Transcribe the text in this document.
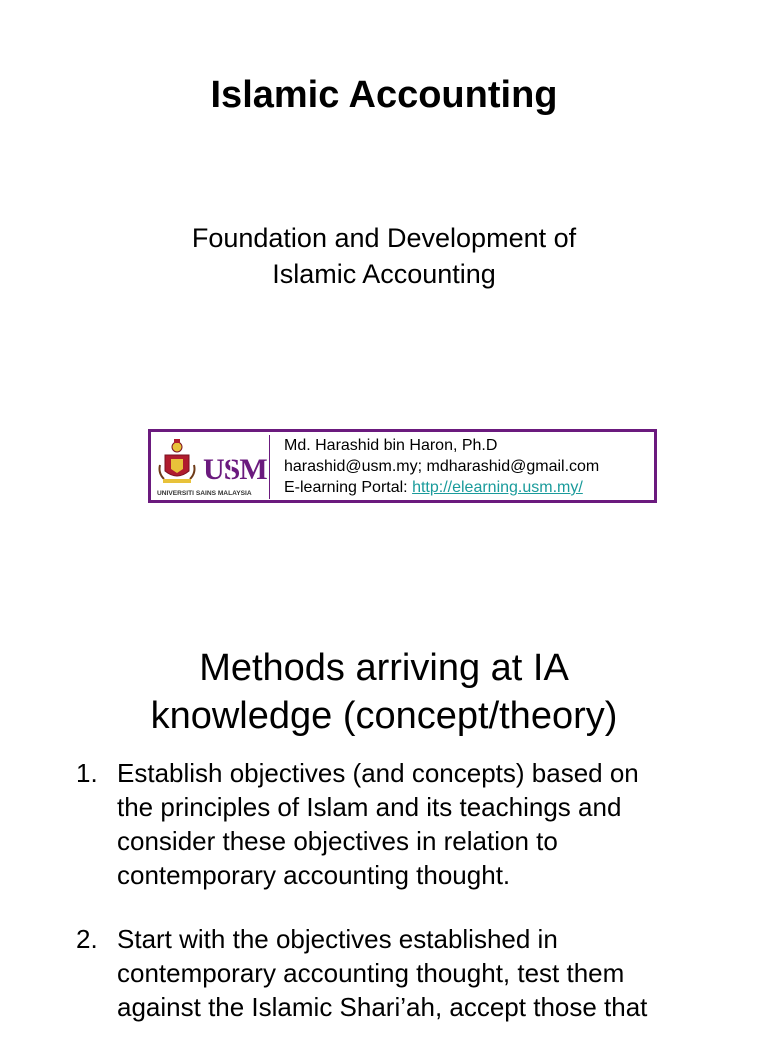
Islamic Accounting
Foundation and Development of
Islamic Accounting
USM
UNIVERSITI SAINS MALAYSIA
Md. Harashid bin Haron, Ph.D
harashid@usm.my; mdharashid@gmail.com
E-learning Portal: http://elearning.usm.my/
Methods arriving at IA
knowledge (concept/theory)
1. Establish objectives (and concepts) based on
the principles of Islam and its teachings and
consider these objectives in relation to
contemporary accounting thought.
2. Start with the objectives established in
contemporary accounting thought, test them
against the Islamic Shari’ah, accept those that
